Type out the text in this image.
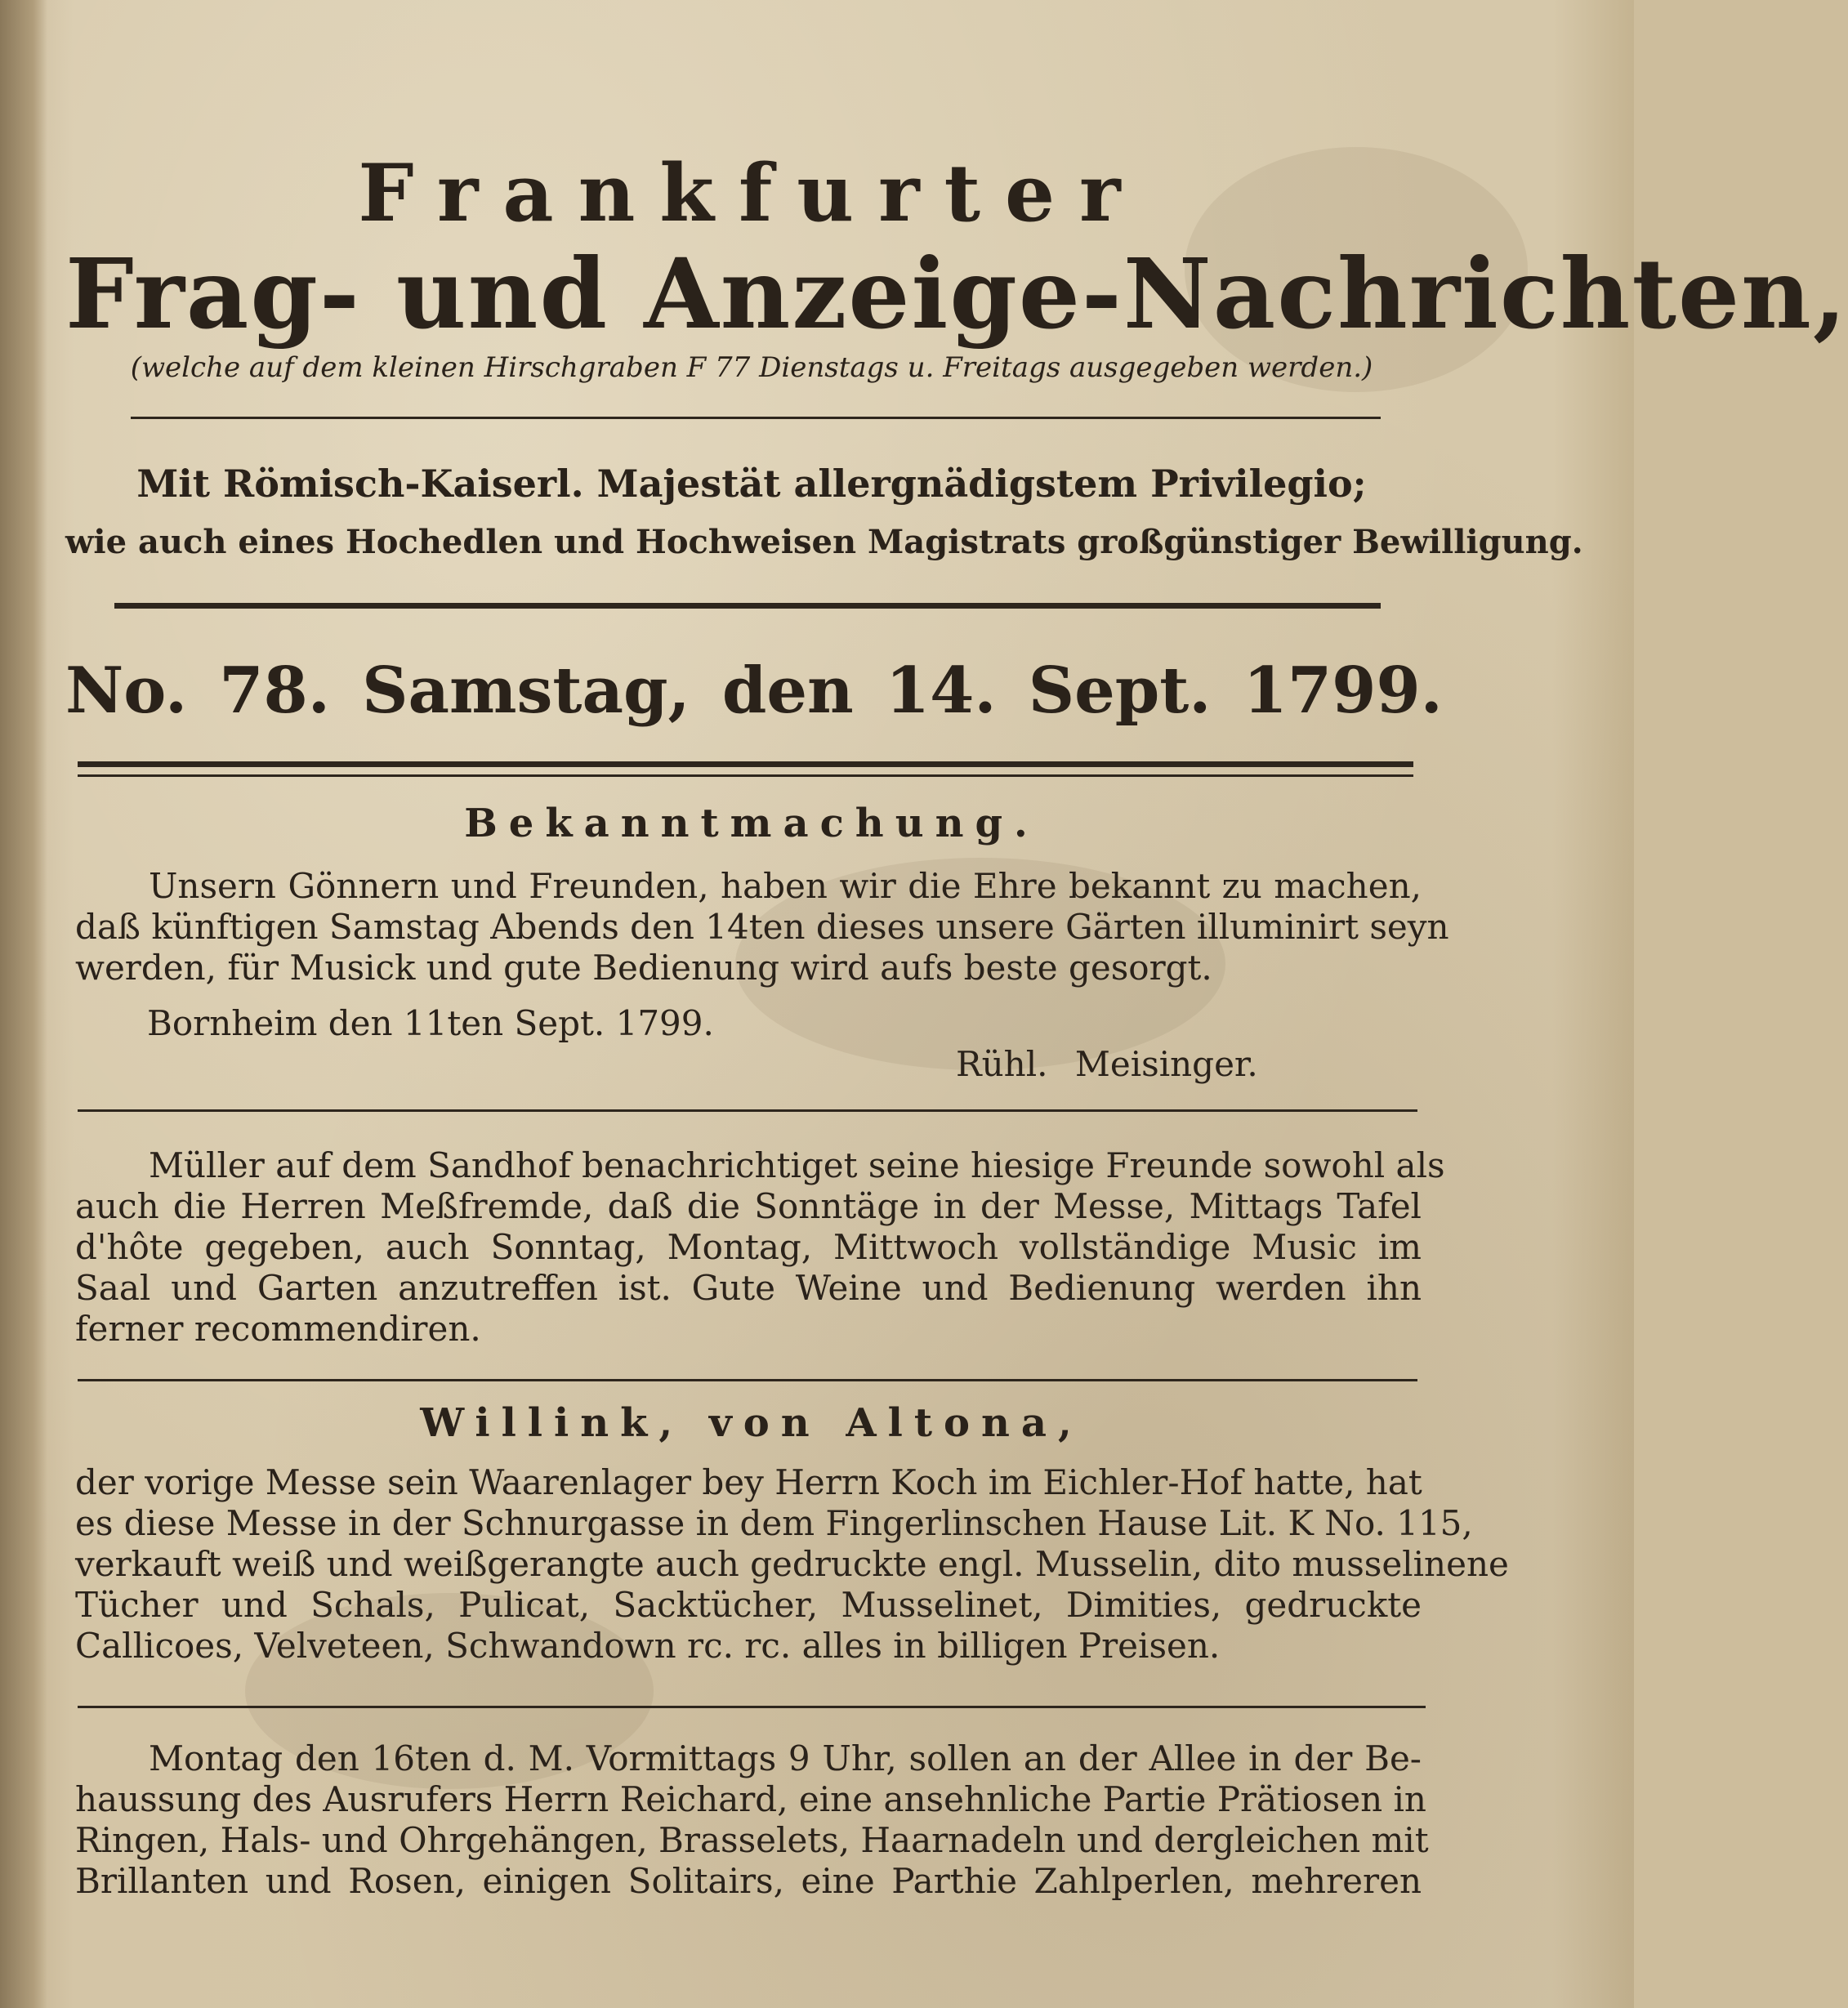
Frankfurter
Frag- und Anzeige-Nachrichten,
(welche auf dem kleinen Hirschgraben F 77 Dienstags u. Freitags ausgegeben werden.)
Mit Römisch-Kaiserl. Majestät allergnädigstem Privilegio;
wie auch eines Hochedlen und Hochweisen Magistrats großgünstiger Bewilligung.
No. 78. Samstag, den 14. Sept. 1799.
Bekanntmachung.
Unsern Gönnern und Freunden, haben wir die Ehre bekannt zu machen,
daß künftigen Samstag Abends den 14ten dieses unsere Gärten illuminirt seyn
werden, für Musick und gute Bedienung wird aufs beste gesorgt.
Bornheim den 11ten Sept. 1799.
Rühl. Meisinger.
Müller auf dem Sandhof benachrichtiget seine hiesige Freunde sowohl als
auch die Herren Meßfremde, daß die Sonntäge in der Messe, Mittags Tafel
d'hôte gegeben, auch Sonntag, Montag, Mittwoch vollständige Music im
Saal und Garten anzutreffen ist. Gute Weine und Bedienung werden ihn
ferner recommendiren.
Willink, von Altona,
der vorige Messe sein Waarenlager bey Herrn Koch im Eichler-Hof hatte, hat
es diese Messe in der Schnurgasse in dem Fingerlinschen Hause Lit. K No. 115,
verkauft weiß und weißgerangte auch gedruckte engl. Musselin, dito musselinene
Tücher und Schals, Pulicat, Sacktücher, Musselinet, Dimities, gedruckte
Callicoes, Velveteen, Schwandown rc. rc. alles in billigen Preisen.
Montag den 16ten d. M. Vormittags 9 Uhr, sollen an der Allee in der Be-
haussung des Ausrufers Herrn Reichard, eine ansehnliche Partie Prätiosen in
Ringen, Hals- und Ohrgehängen, Brasselets, Haarnadeln und dergleichen mit
Brillanten und Rosen, einigen Solitairs, eine Parthie Zahlperlen, mehreren
